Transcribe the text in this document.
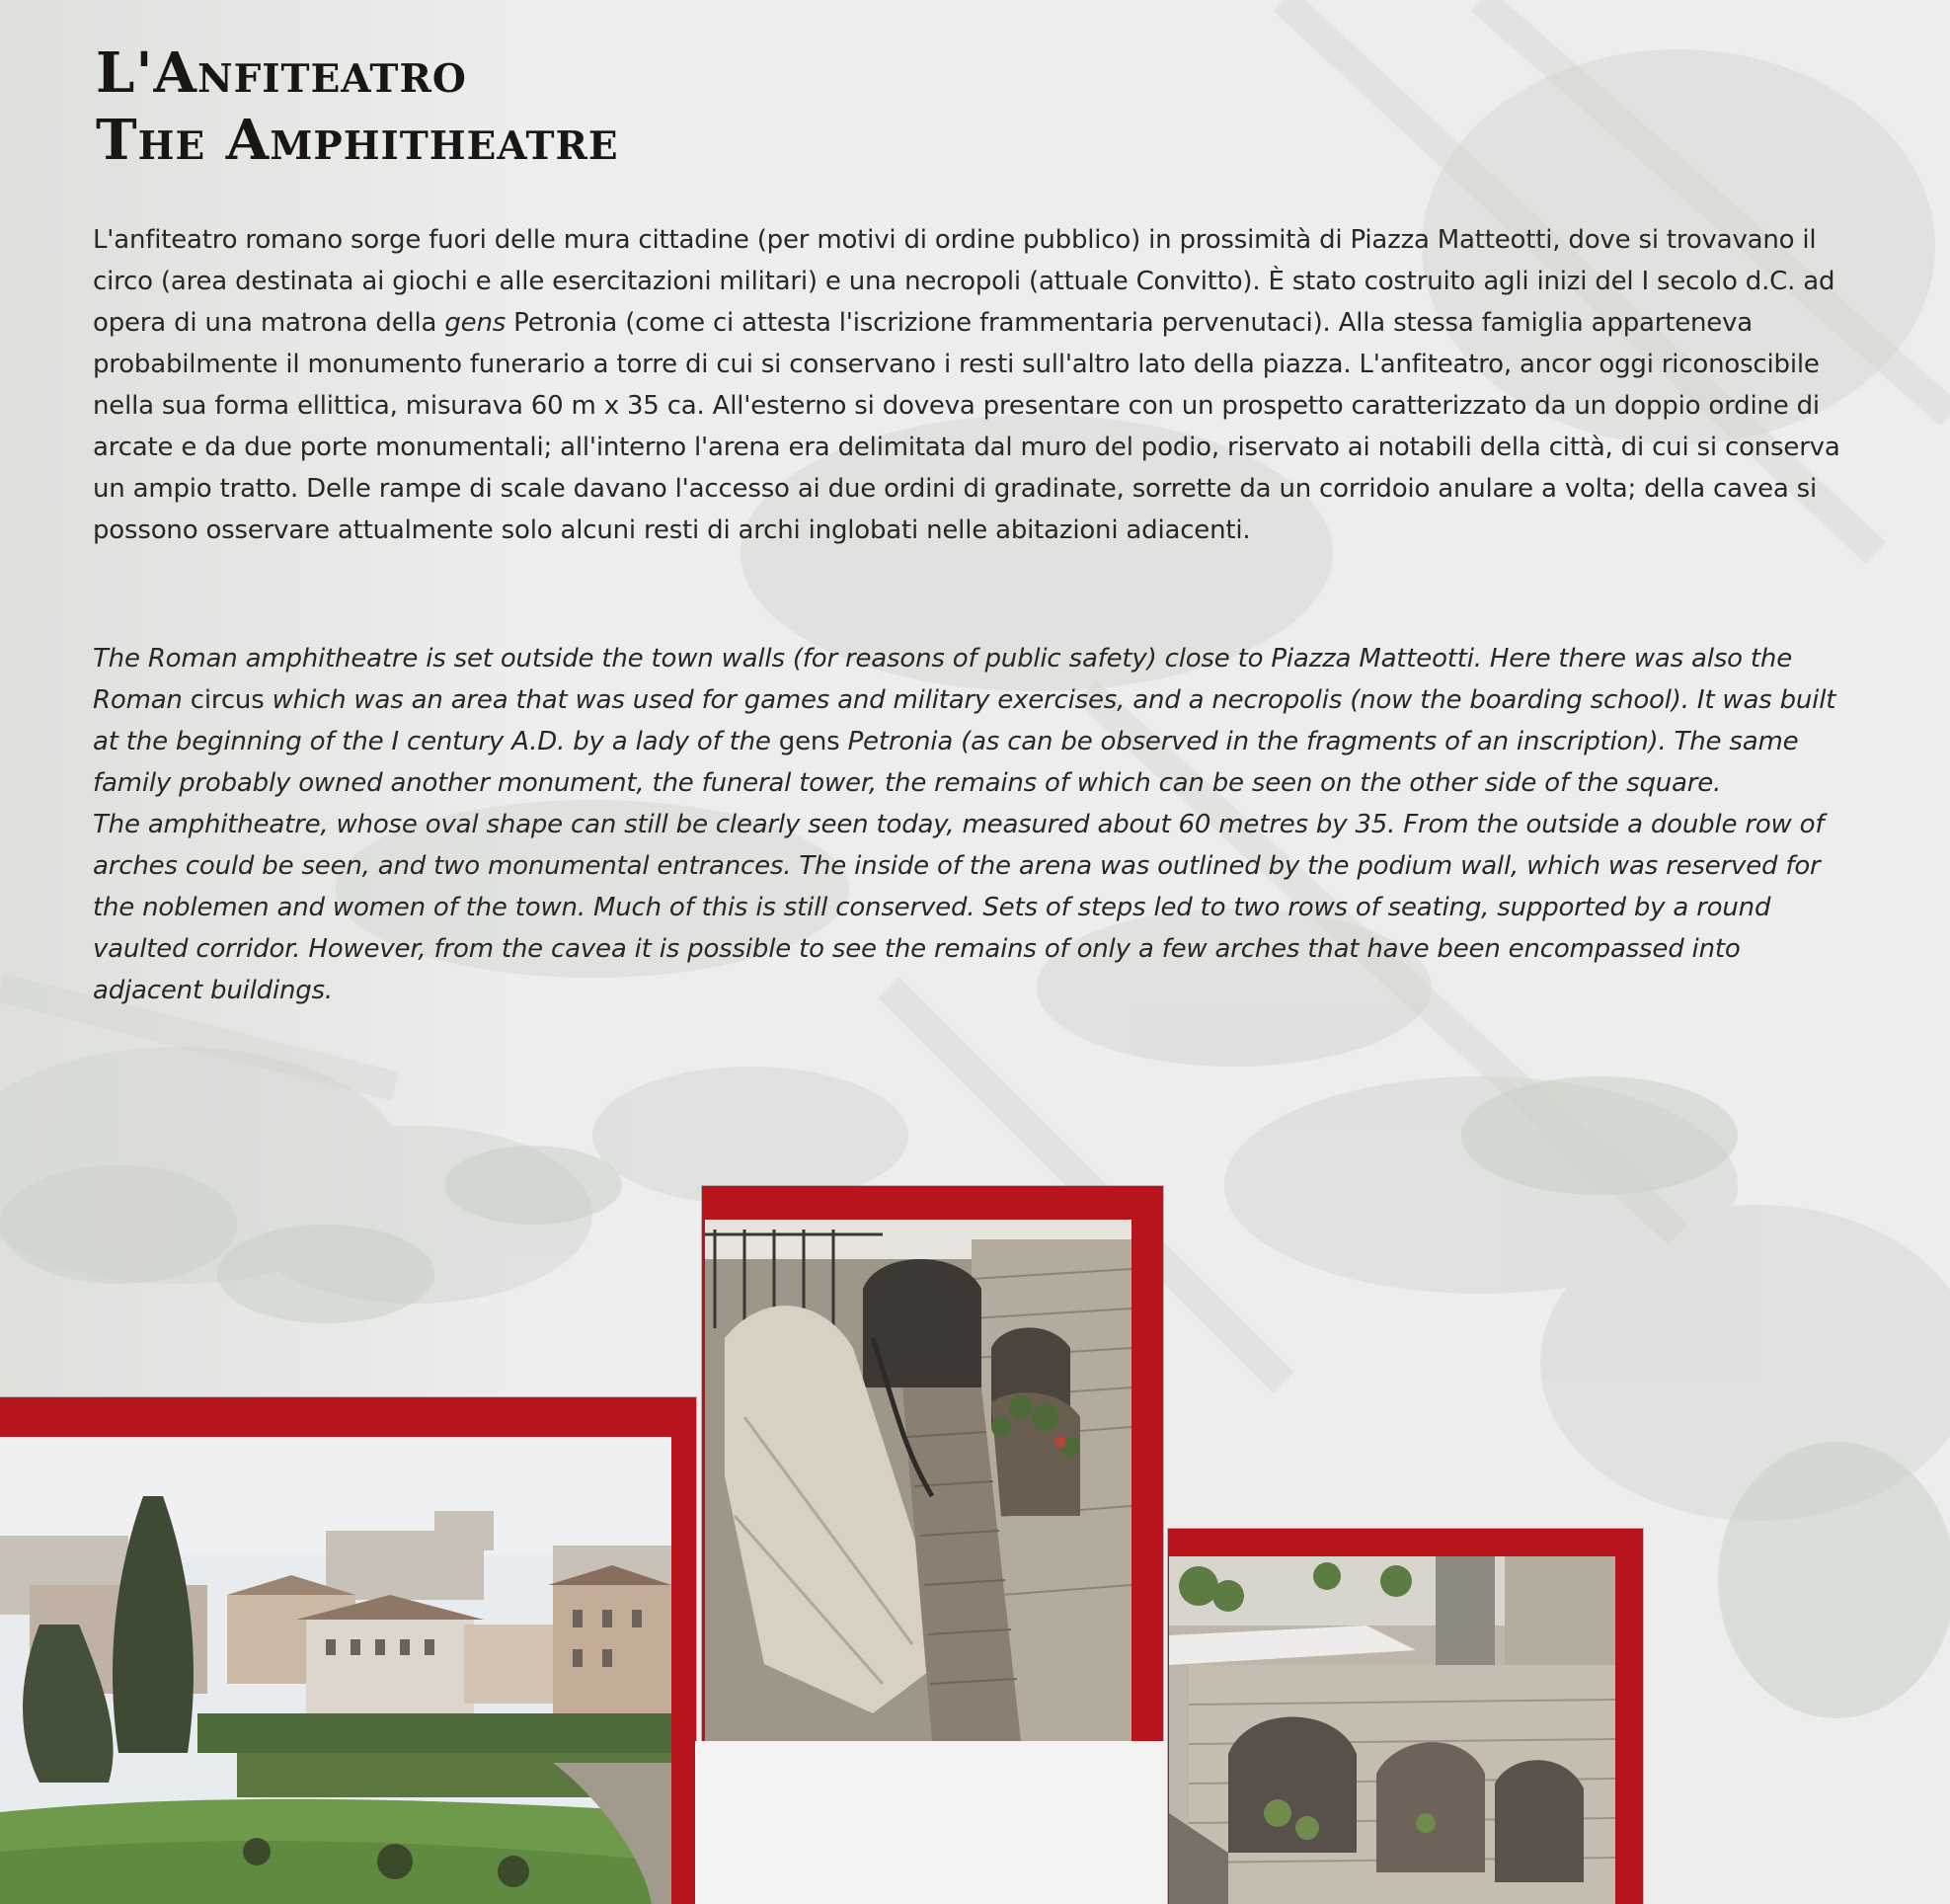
L'Anfiteatro
The Amphitheatre

L'anfiteatro romano sorge fuori delle mura cittadine (per motivi di ordine pubblico) in prossimità di Piazza Matteotti, dove si trovavano il circo (area destinata ai giochi e alle esercitazioni militari) e una necropoli (attuale Convitto). È stato costruito agli inizi del I secolo d.C. ad opera di una matrona della gens Petronia (come ci attesta l'iscrizione frammentaria pervenutaci). Alla stessa famiglia apparteneva probabilmente il monumento funerario a torre di cui si conservano i resti sull'altro lato della piazza. L'anfiteatro, ancor oggi riconoscibile nella sua forma ellittica, misurava 60 m x 35 ca. All'esterno si doveva presentare con un prospetto caratterizzato da un doppio ordine di arcate e da due porte monumentali; all'interno l'arena era delimitata dal muro del podio, riservato ai notabili della città, di cui si conserva un ampio tratto. Delle rampe di scale davano l'accesso ai due ordini di gradinate, sorrette da un corridoio anulare a volta; della cavea si possono osservare attualmente solo alcuni resti di archi inglobati nelle abitazioni adiacenti.

The Roman amphitheatre is set outside the town walls (for reasons of public safety) close to Piazza Matteotti. Here there was also the Roman circus which was an area that was used for games and military exercises, and a necropolis (now the boarding school). It was built at the beginning of the I century A.D. by a lady of the gens Petronia (as can be observed in the fragments of an inscription). The same family probably owned another monument, the funeral tower, the remains of which can be seen on the other side of the square.

The amphitheatre, whose oval shape can still be clearly seen today, measured about 60 metres by 35. From the outside a double row of arches could be seen, and two monumental entrances. The inside of the arena was outlined by the podium wall, which was reserved for the noblemen and women of the town. Much of this is still conserved. Sets of steps led to two rows of seating, supported by a round vaulted corridor. However, from the cavea it is possible to see the remains of only a few arches that have been encompassed into adjacent buildings.
